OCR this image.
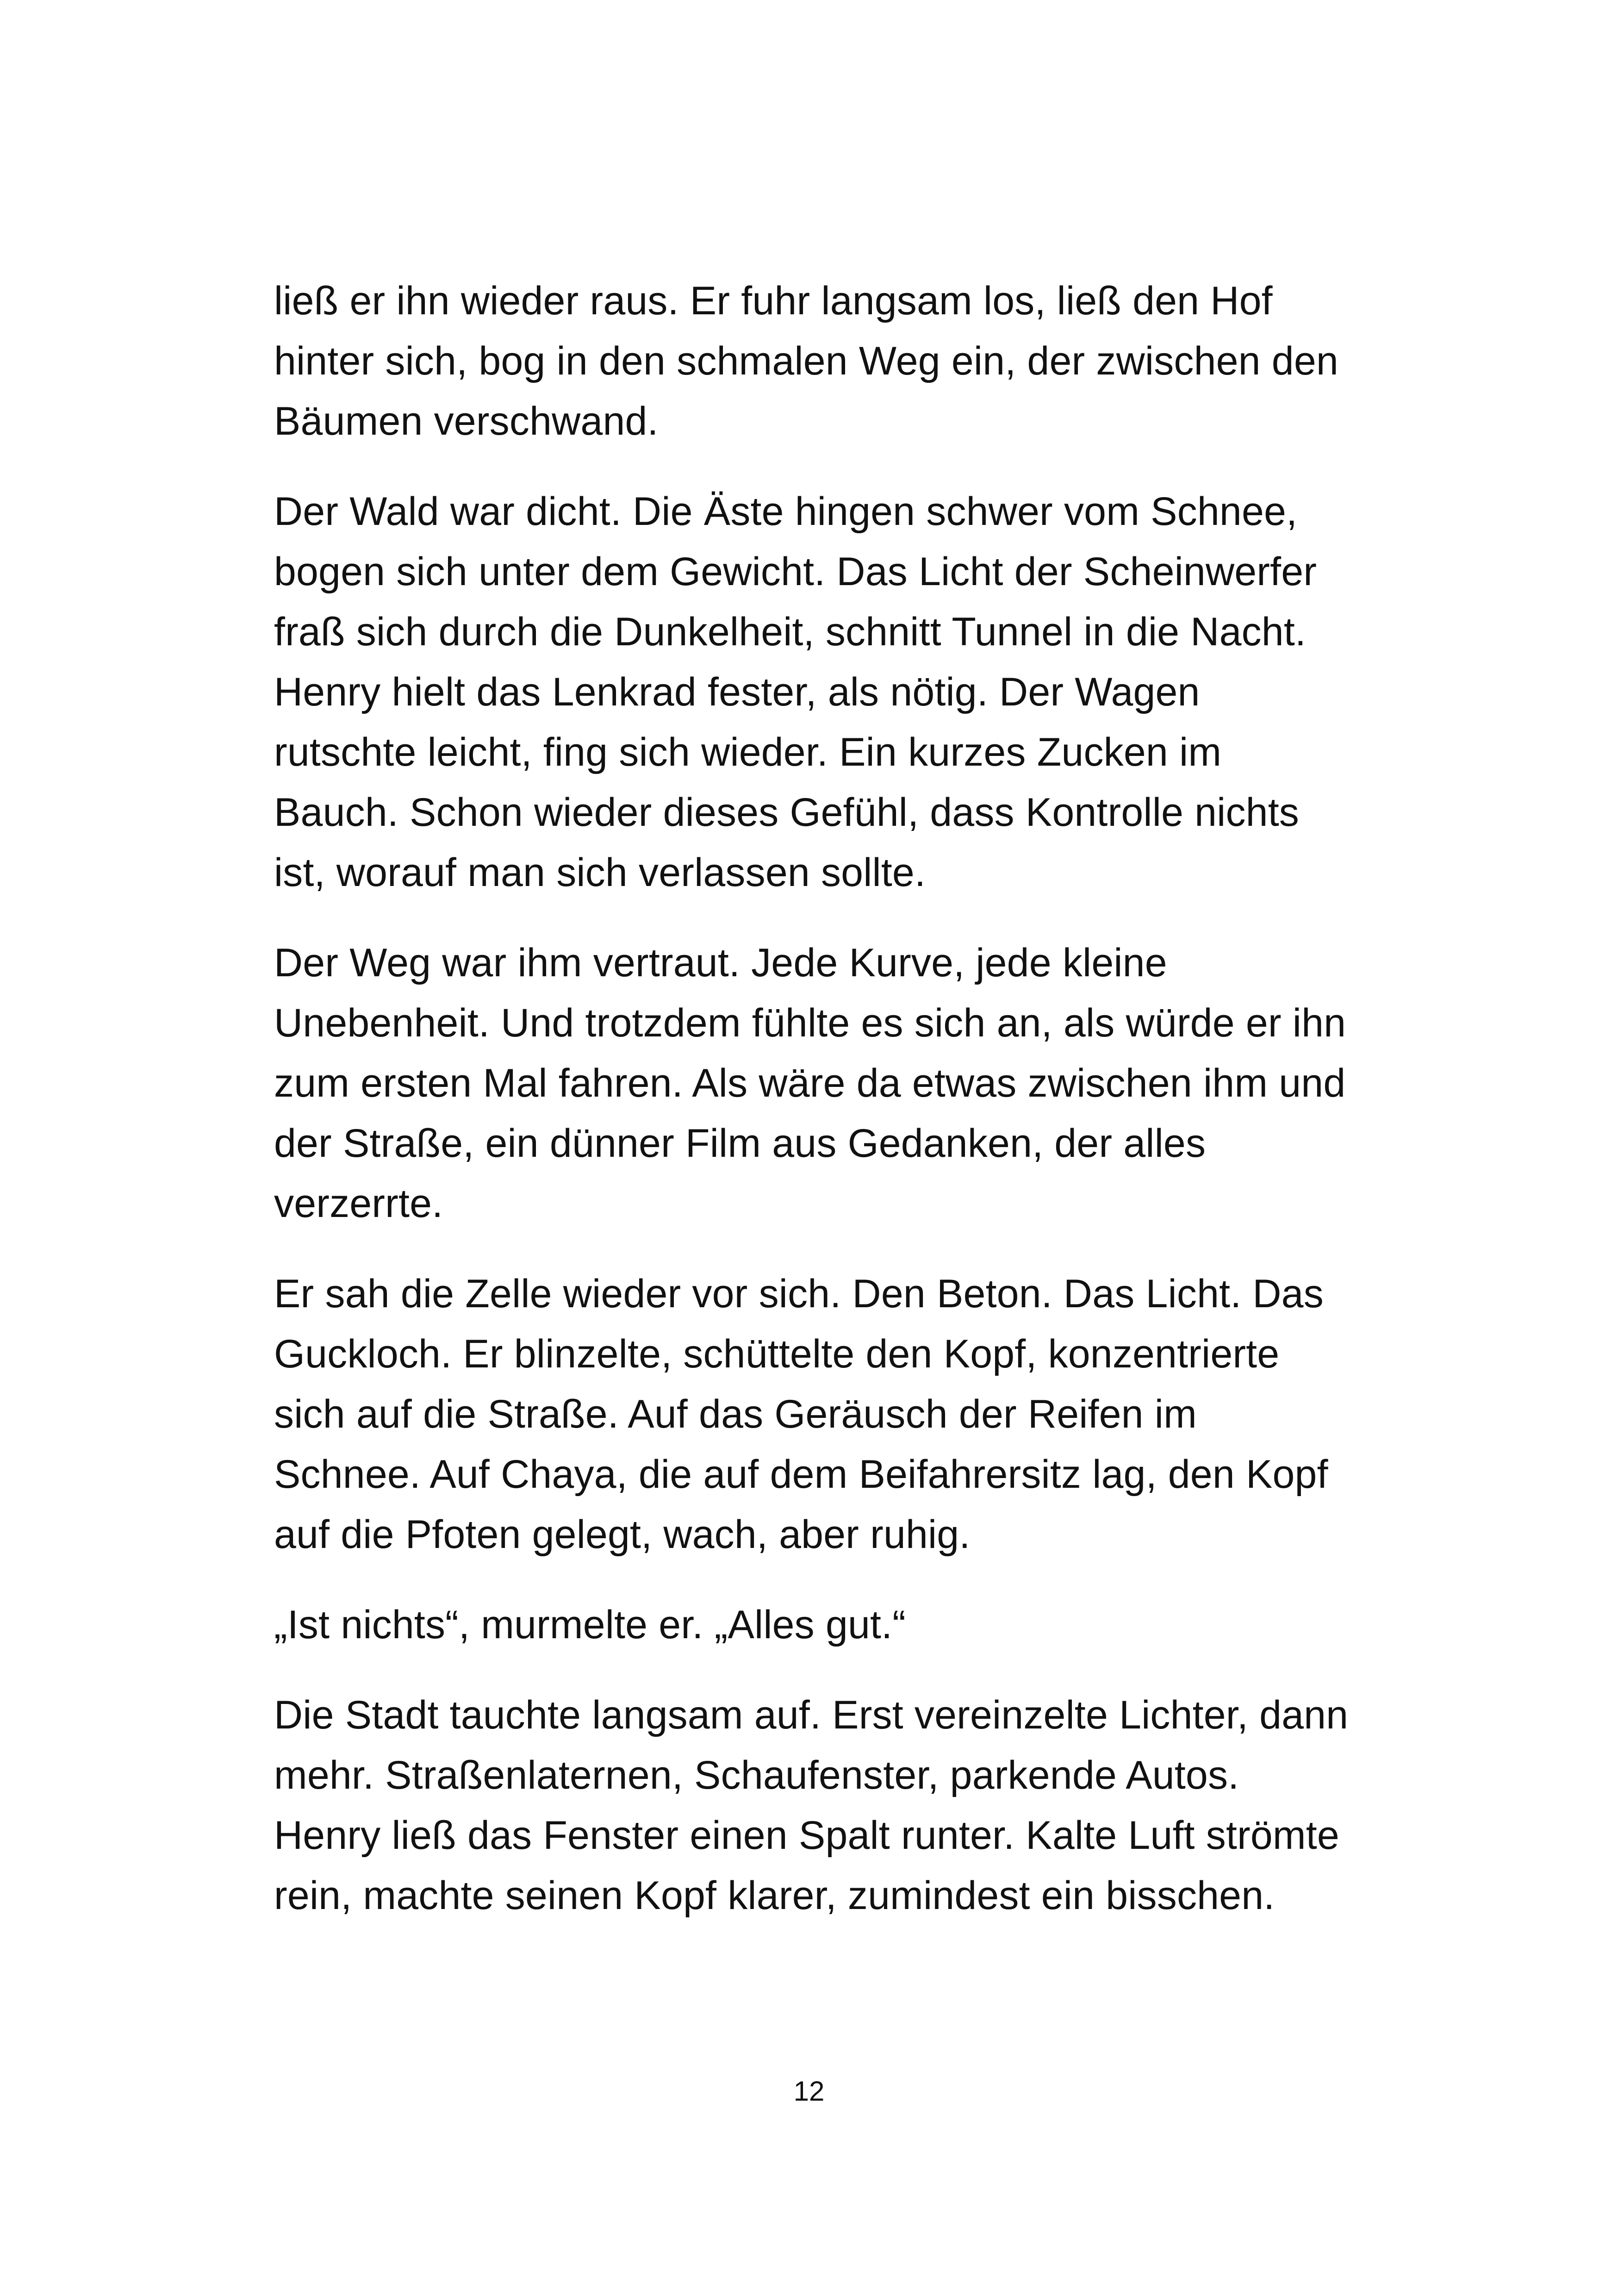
ließ er ihn wieder raus. Er fuhr langsam los, ließ den Hof hinter sich, bog in den schmalen Weg ein, der zwischen den Bäumen verschwand.

Der Wald war dicht. Die Äste hingen schwer vom Schnee, bogen sich unter dem Gewicht. Das Licht der Scheinwerfer fraß sich durch die Dunkelheit, schnitt Tunnel in die Nacht. Henry hielt das Lenkrad fester, als nötig. Der Wagen rutschte leicht, fing sich wieder. Ein kurzes Zucken im Bauch. Schon wieder dieses Gefühl, dass Kontrolle nichts ist, worauf man sich verlassen sollte.

Der Weg war ihm vertraut. Jede Kurve, jede kleine Unebenheit. Und trotzdem fühlte es sich an, als würde er ihn zum ersten Mal fahren. Als wäre da etwas zwischen ihm und der Straße, ein dünner Film aus Gedanken, der alles verzerrte.

Er sah die Zelle wieder vor sich. Den Beton. Das Licht. Das Guckloch. Er blinzelte, schüttelte den Kopf, konzentrierte sich auf die Straße. Auf das Geräusch der Reifen im Schnee. Auf Chaya, die auf dem Beifahrersitz lag, den Kopf auf die Pfoten gelegt, wach, aber ruhig.

„Ist nichts“, murmelte er. „Alles gut.“

Die Stadt tauchte langsam auf. Erst vereinzelte Lichter, dann mehr. Straßenlaternen, Schaufenster, parkende Autos. Henry ließ das Fenster einen Spalt runter. Kalte Luft strömte rein, machte seinen Kopf klarer, zumindest ein bisschen.

12
